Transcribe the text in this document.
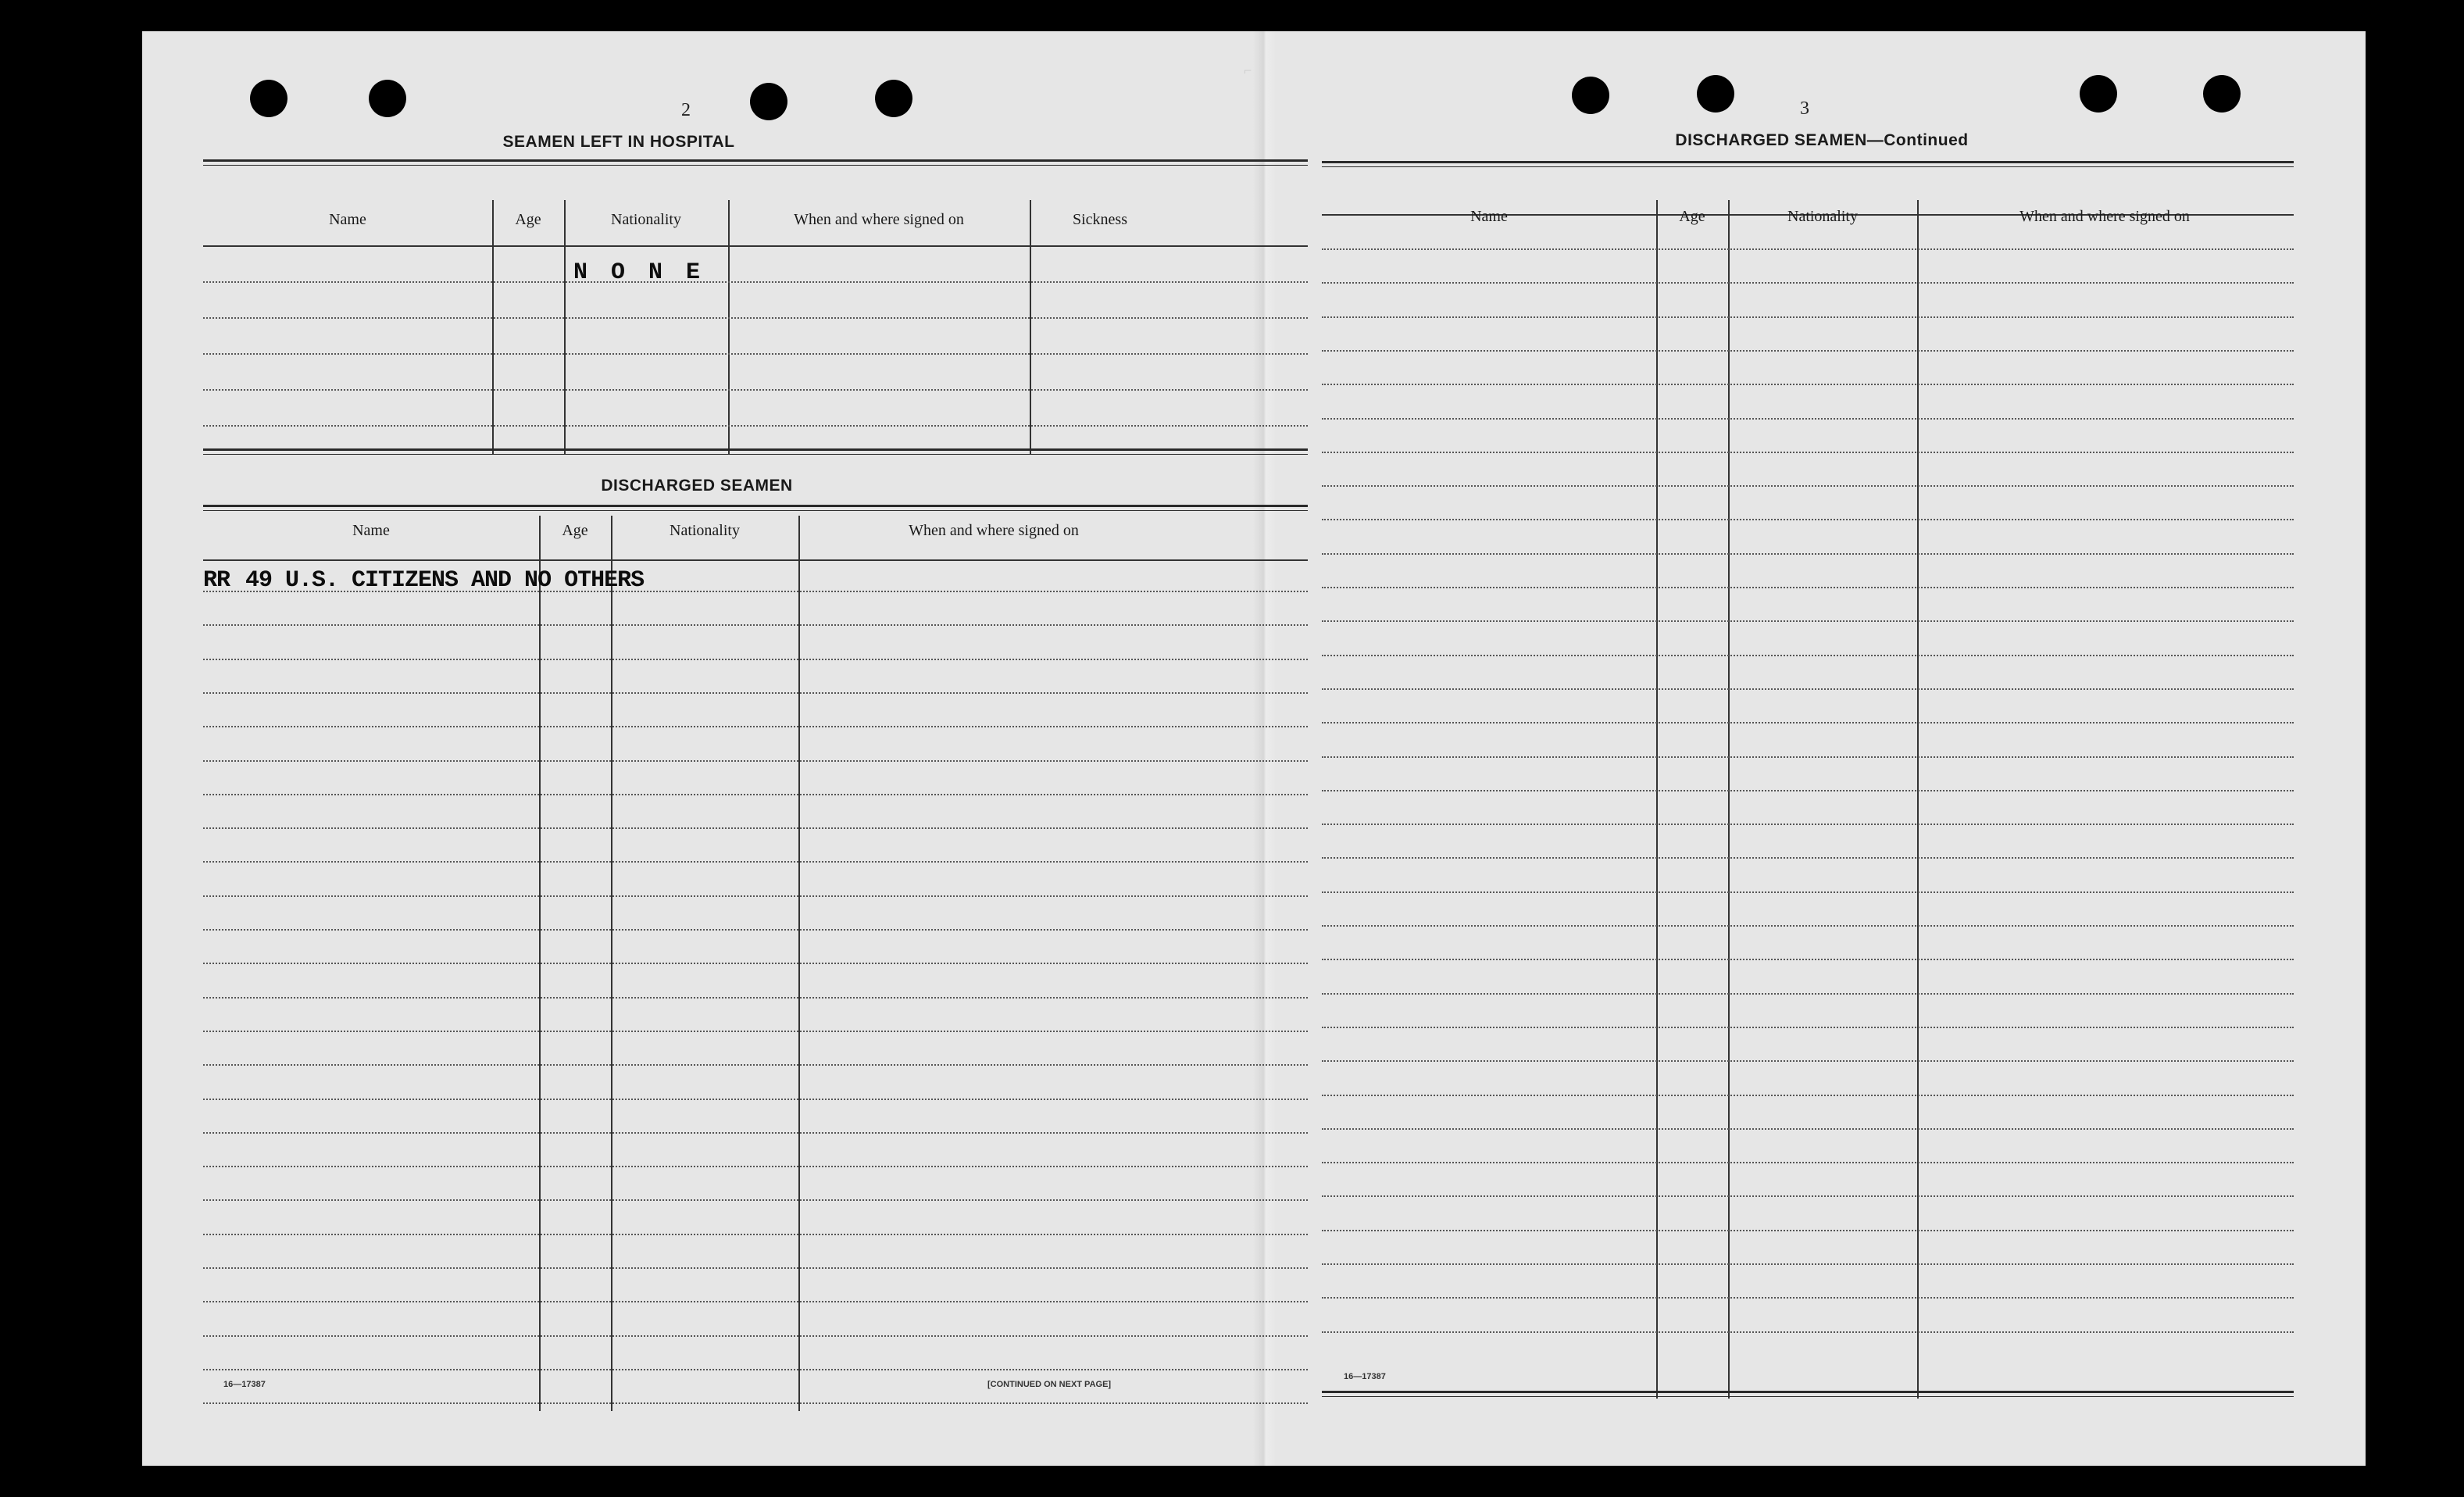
2
SEAMEN LEFT IN HOSPITAL
Name	Age	Nationality	When and where signed on	Sickness
N O N E
DISCHARGED SEAMEN
Name	Age	Nationality	When and where signed on
RR 49 U.S. CITIZENS AND NO OTHERS
16—17387	[CONTINUED ON NEXT PAGE]
3
DISCHARGED SEAMEN—Continued
Name	Age	Nationality	When and where signed on
16—17387
⌐
